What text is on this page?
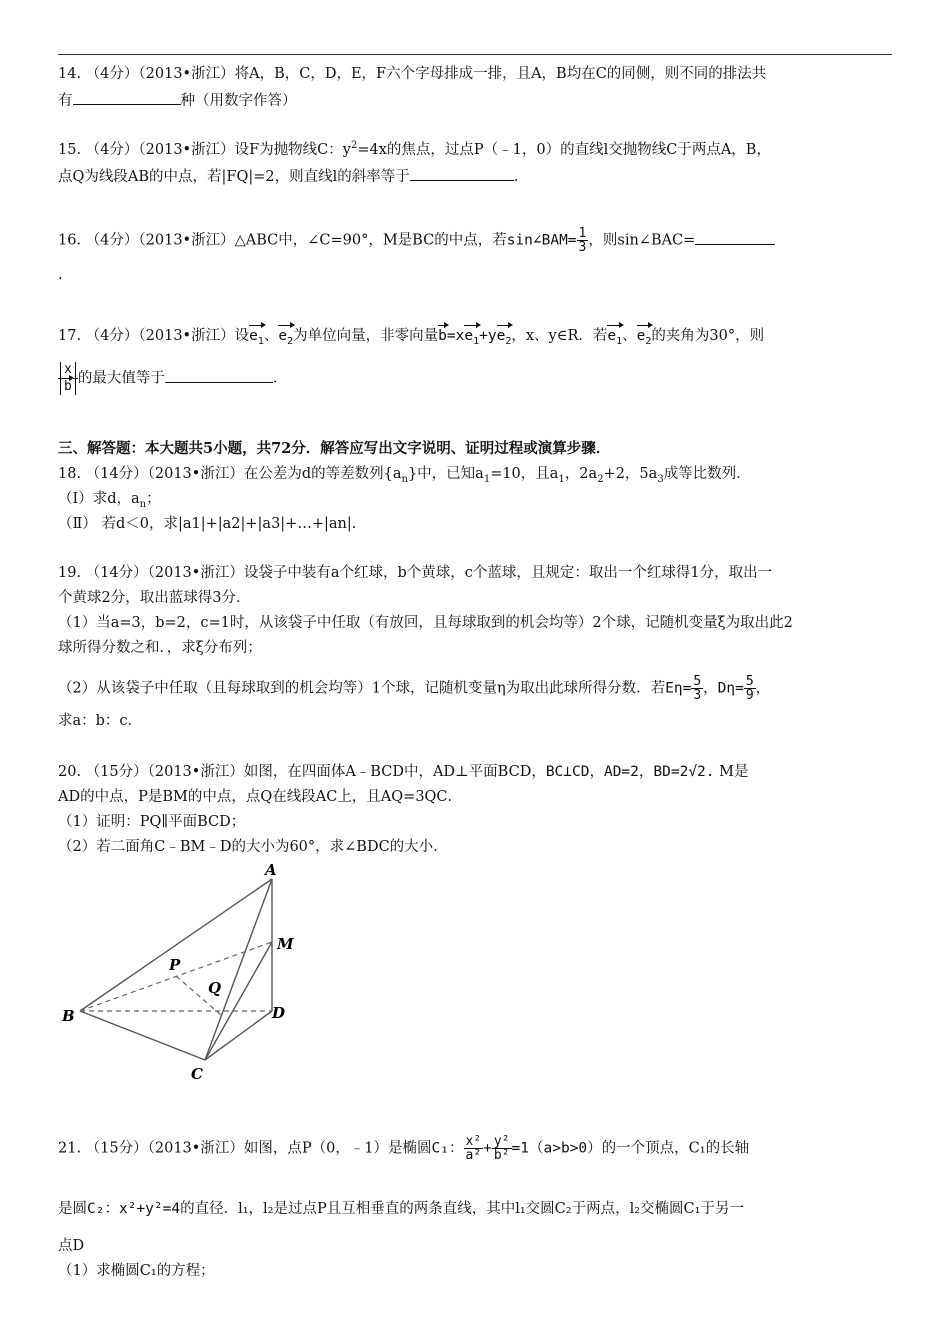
14. （4分）（2013•浙江）将A，B，C，D，E，F六个字母排成一排，且A，B均在C的同侧，则不同的排法共
有	种（用数字作答）
15. （4分）（2013•浙江）设F为抛物线C：$y^2=4x$的焦点，过点P（﹣1，0）的直线l交抛物线C于两点A，B，
点Q为线段AB的中点，若|FQ|=2，则直线l的斜率等于	.
16. （4分）（2013•浙江）△ABC中，∠C=90°，M是BC的中点，若sin∠BAM= $\frac{1}{3}$ ，则sin∠BAC=
.
17. （4分）（2013•浙江）设$e_1$、$e_2$为单位向量，非零向量$b=xe_1+ye_2$，x、y∈R．若$e_1$、$e_2$的夹角为30°，则
$\frac{x}{b}$ 的最大值等于	.
三、解答题：本大题共5小题，共72分．解答应写出文字说明、证明过程或演算步骤．
18. （14分）（2013•浙江）在公差为d的等差数列$\{a_n\}$中，已知$a_1=10$，且$a_1$，$2a_2+2$，$5a_3$成等比数列．
（Ⅰ）求d，$a_n$；
（Ⅱ） 若d＜0，求|a1|+|a2|+|a3|+…+|an|.
19. （14分）（2013•浙江）设袋子中装有a个红球，b个黄球，c个蓝球，且规定：取出一个红球得1分，取出一
个黄球2分，取出蓝球得3分．
（1）当a=3，b=2，c=1时，从该袋子中任取（有放回，且每球取到的机会均等）2个球，记随机变量ξ为取出此2
球所得分数之和．，求ξ分布列；
（2）从该袋子中任取（且每球取到的机会均等）1个球，记随机变量η为取出此球所得分数．若$E\eta= \frac{5}{3}$ ，$D\eta= \frac{5}{9}$ ，
求a：b：c．
20. （15分）（2013•浙江）如图，在四面体A﹣BCD中，AD⊥平面BCD，BC⊥CD，AD=2，BD=2√2. M是
AD的中点，P是BM的中点，点Q在线段AC上，且AQ=3QC．
（1）证明：PQ∥平面BCD；
（2）若二面角C﹣BM﹣D的大小为60°，求∠BDC的大小．
A
M
P
Q
B	D
C
21. （15分）（2013•浙江）如图，点P（0，﹣1）是椭圆C₁： $\frac{\text{x²}}{\text{a²}} + \frac{\text{y²}}{\text{b²}} =1(a>b>0)$的一个顶点，C₁的长轴
是圆C₂：x²+y²=4的直径．l₁，l₂是过点P且互相垂直的两条直线，其中l₁交圆C₂于两点，l₂交椭圆C₁于另一
点D
（1）求椭圆C₁的方程；
